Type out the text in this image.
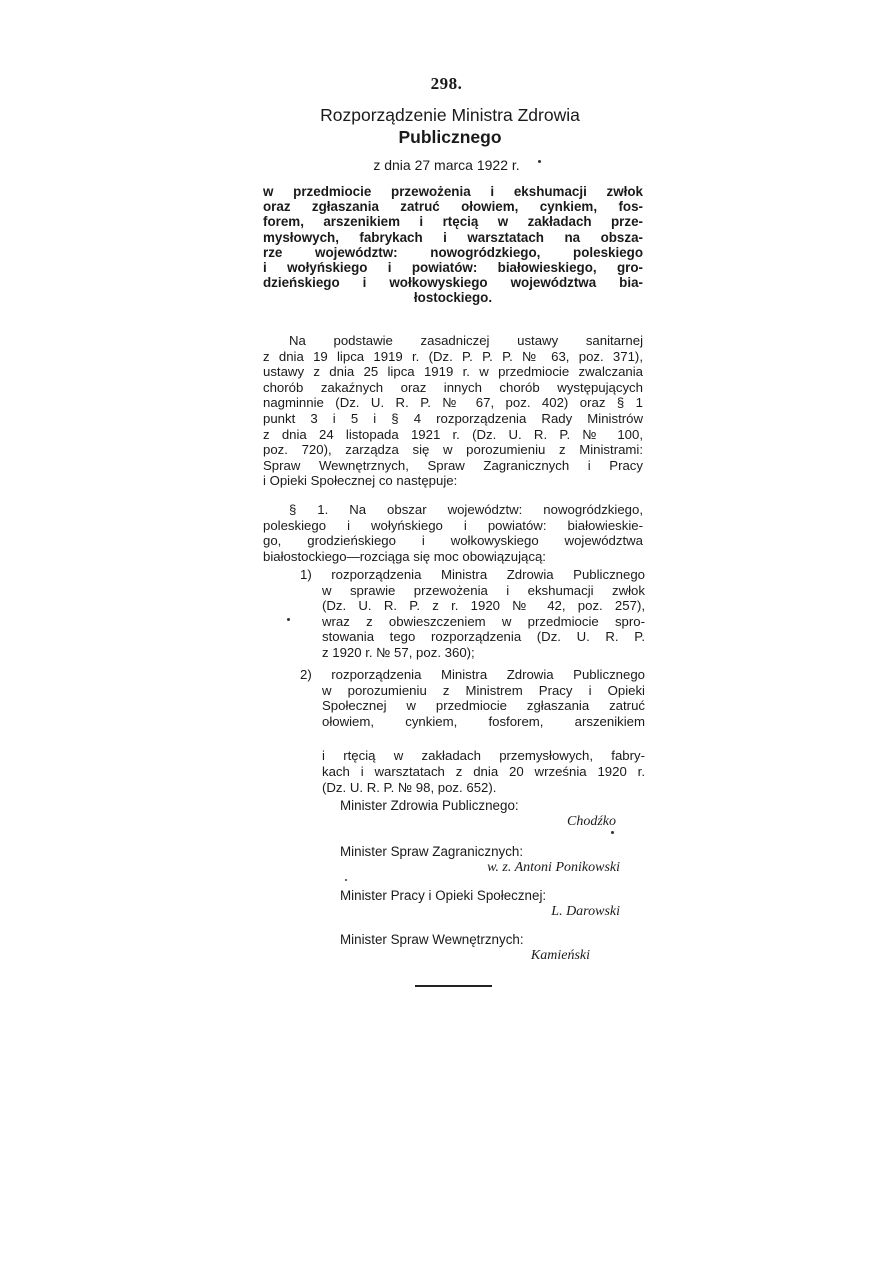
298.
Rozporządzenie Ministra Zdrowia
Publicznego
z dnia 27 marca 1922 r.
w przedmiocie przewożenia i ekshumacji zwłok
oraz zgłaszania zatruć ołowiem, cynkiem, fos-
forem, arszenikiem i rtęcią w zakładach prze-
mysłowych, fabrykach i warsztatach na obsza-
rze województw: nowogródzkiego, poleskiego
i wołyńskiego i powiatów: białowieskiego, gro-
dzieńskiego i wołkowyskiego województwa bia-
łostockiego.
Na podstawie zasadniczej ustawy sanitarnej
z dnia 19 lipca 1919 r. (Dz. P. P. P. № 63, poz. 371),
ustawy z dnia 25 lipca 1919 r. w przedmiocie zwalczania
chorób zakaźnych oraz innych chorób występujących
nagminnie (Dz. U. R. P. № 67, poz. 402) oraz § 1
punkt 3 i 5 i § 4 rozporządzenia Rady Ministrów
z dnia 24 listopada 1921 r. (Dz. U. R. P. № 100,
poz. 720), zarządza się w porozumieniu z Ministrami:
Spraw Wewnętrznych, Spraw Zagranicznych i Pracy
i Opieki Społecznej co następuje:
§ 1. Na obszar województw: nowogródzkiego,
poleskiego i wołyńskiego i powiatów: białowieskie-
go, grodzieńskiego i wołkowyskiego województwa
białostockiego—rozciąga się moc obowiązującą:
1) rozporządzenia Ministra Zdrowia Publicznego
w sprawie przewożenia i ekshumacji zwłok
(Dz. U. R. P. z r. 1920 № 42, poz. 257),
wraz z obwieszczeniem w przedmiocie spro-
stowania tego rozporządzenia (Dz. U. R. P.
z 1920 r. № 57, poz. 360);
2) rozporządzenia Ministra Zdrowia Publicznego
w porozumieniu z Ministrem Pracy i Opieki
Społecznej w przedmiocie zgłaszania zatruć
ołowiem, cynkiem, fosforem, arszenikiem
i rtęcią w zakładach przemysłowych, fabry-
kach i warsztatach z dnia 20 września 1920 r.
(Dz. U. R. P. № 98, poz. 652).
Minister Zdrowia Publicznego:
Chodźko
Minister Spraw Zagranicznych:
w. z. Antoni Ponikowski
Minister Pracy i Opieki Społecznej:
L. Darowski
Minister Spraw Wewnętrznych:
Kamieński
